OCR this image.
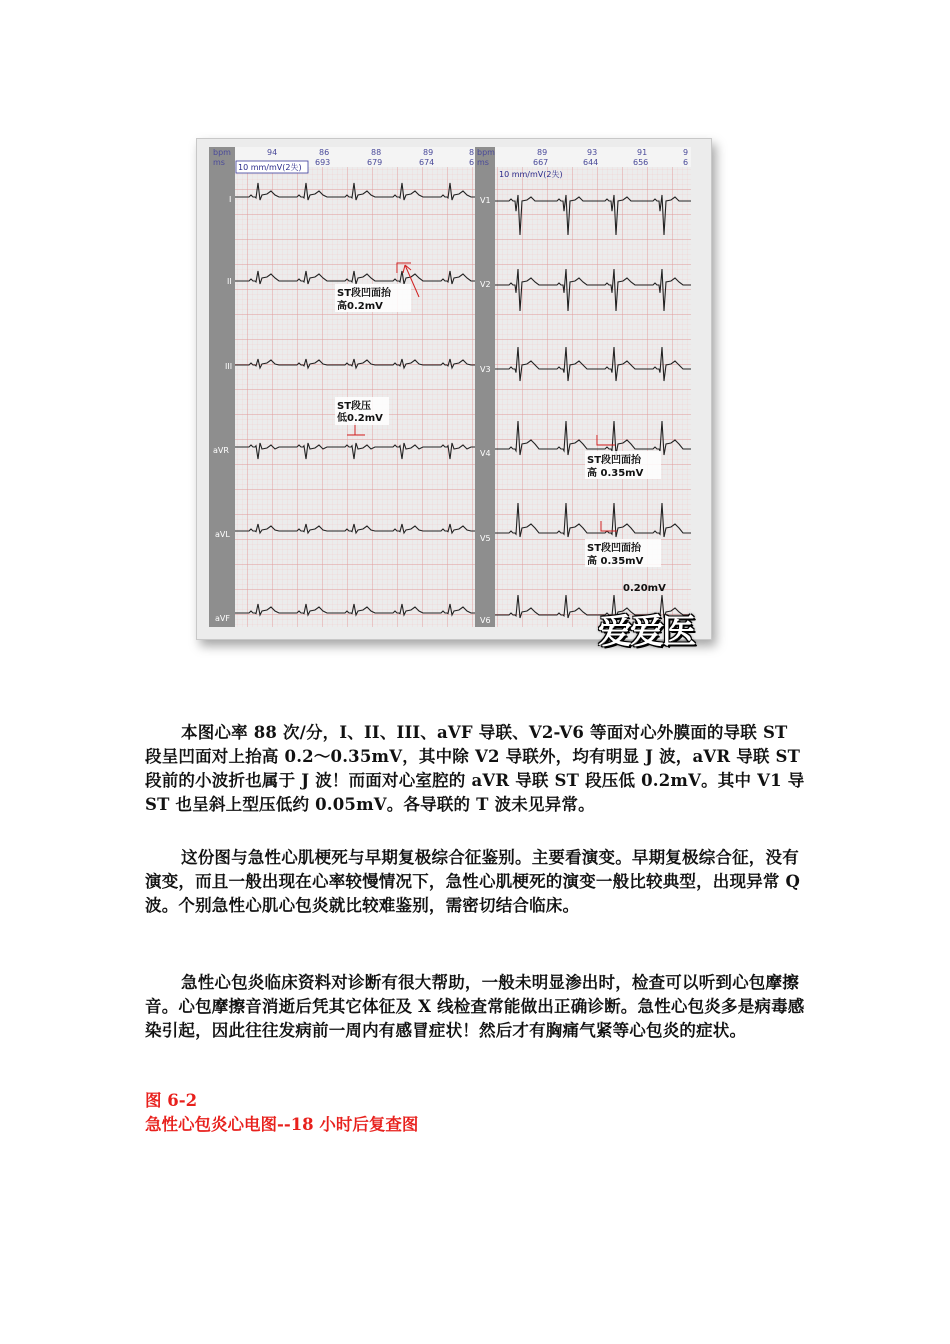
bpm
ms
94	86	88	89	8
693	679	674	6
bpm
ms
89	93	91	9
667	644	656	6
10 mm/mV(2失)
10 mm/mV(2失)
I
II
III
aVR
aVL
aVF
V1
V2
V3
V4
V5
V6
ST段凹面抬
高0.2mV
ST段压
低0.2mV
ST段凹面抬
高 0.35mV
ST段凹面抬
高 0.35mV
0.20mV
爱爱医

本图心率 88 次/分，I、II、III、aVF 导联、V2-V6 等面对心外膜面的导联 ST 段呈凹面对上抬高 0.2～0.35mV，其中除 V2 导联外，均有明显 J 波，aVR 导联 ST 段前的小波折也属于 J 波！而面对心室腔的 aVR 导联 ST 段压低 0.2mV。其中 V1 导 ST 也呈斜上型压低约 0.05mV。各导联的 T 波未见异常。

这份图与急性心肌梗死与早期复极综合征鉴别。主要看演变。早期复极综合征，没有演变，而且一般出现在心率较慢情况下，急性心肌梗死的演变一般比较典型，出现异常 Q 波。个别急性心肌心包炎就比较难鉴别，需密切结合临床。

急性心包炎临床资料对诊断有很大帮助，一般未明显渗出时，检查可以听到心包摩擦音。心包摩擦音消逝后凭其它体征及 X 线检查常能做出正确诊断。急性心包炎多是病毒感染引起，因此往往发病前一周内有感冒症状！然后才有胸痛气紧等心包炎的症状。

图 6-2

急性心包炎心电图--18 小时后复查图
